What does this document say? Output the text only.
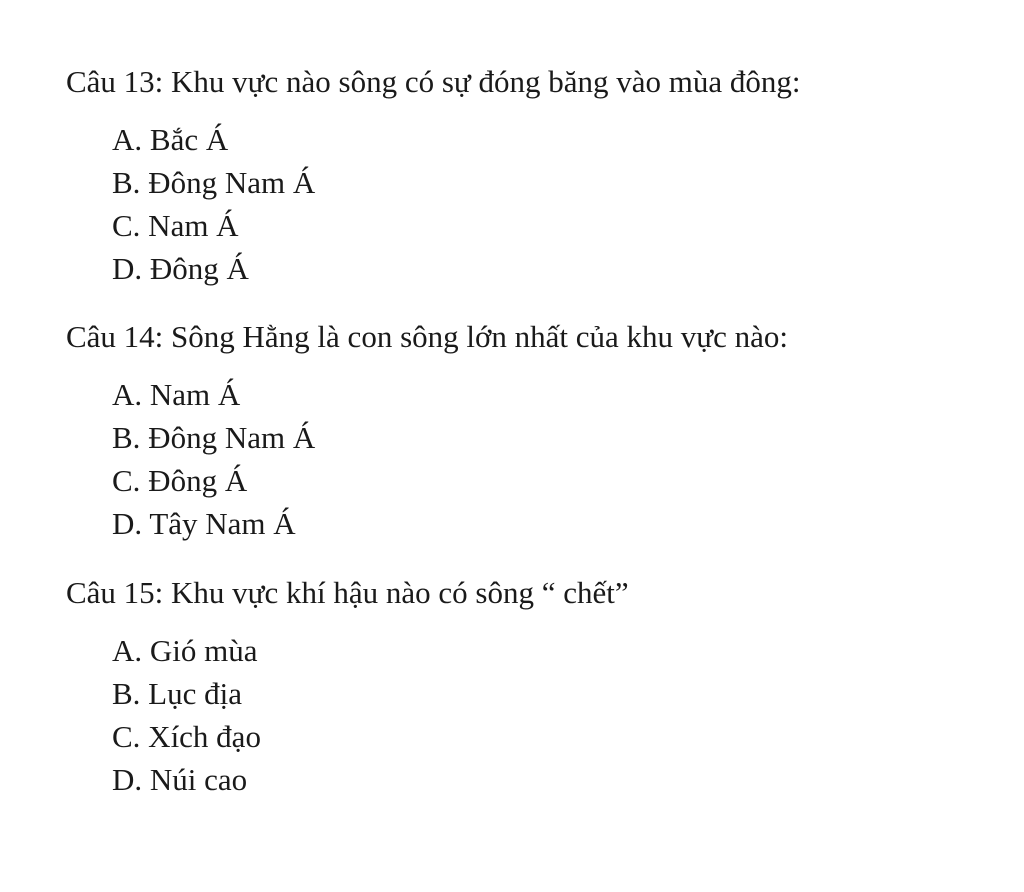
Câu 13: Khu vực nào sông có sự đóng băng vào mùa đông:

A. Bắc Á
B. Đông Nam Á
C. Nam Á
D. Đông Á

Câu 14: Sông Hằng là con sông lớn nhất của khu vực nào:

A. Nam Á
B. Đông Nam Á
C. Đông Á
D. Tây Nam Á

Câu 15: Khu vực khí hậu nào có sông “ chết”

A. Gió mùa
B. Lục địa
C. Xích đạo
D. Núi cao
